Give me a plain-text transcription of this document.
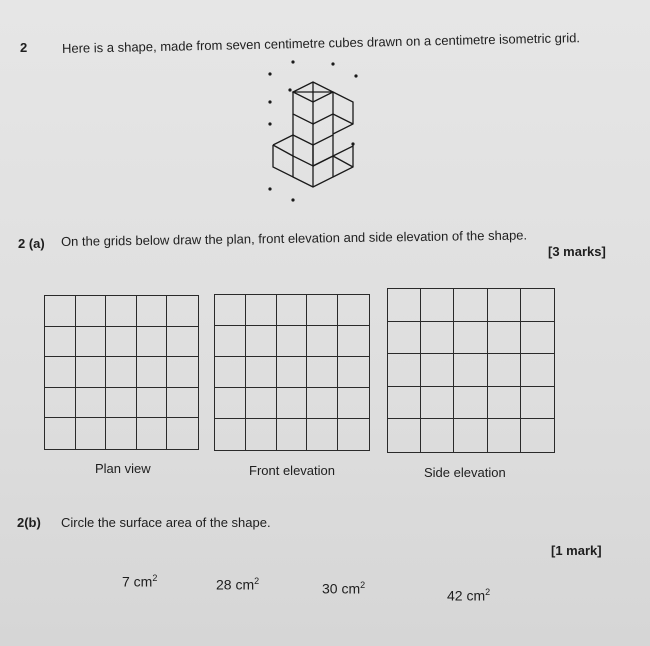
2	Here is a shape, made from seven centimetre cubes drawn on a centimetre isometric grid.
2 (a) On the grids below draw the plan, front elevation and side elevation of the shape.
[3 marks]
Plan view	Front elevation	Side elevation
2(b) Circle the surface area of the shape.
[1 mark]
7 $cm^2$	28 $cm^2$	30 $cm^2$
42 $cm^2$
